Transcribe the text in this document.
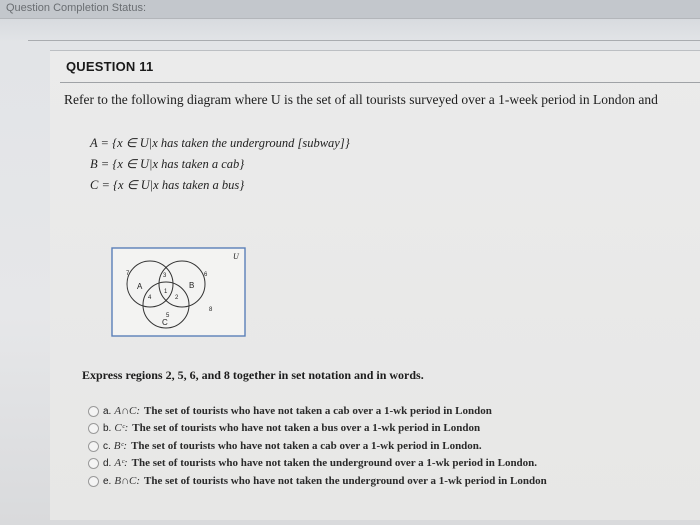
Question Completion Status:
QUESTION 11
Refer to the following diagram where U is the set of all tourists surveyed over a 1-week period in London and
A = {x ∈ U|x has taken the underground [subway]}
B = {x ∈ U|x has taken a cab}
C = {x ∈ U|x has taken a bus}
U
A	B
C
7	3	6
4
1
2
5
8
Express regions 2, 5, 6, and 8 together in set notation and in words.
a. A∩C: The set of tourists who have not taken a cab over a 1-wk period in London
b. Cᶜ: The set of tourists who have not taken a bus over a 1-wk period in London
c. Bᶜ: The set of tourists who have not taken a cab over a 1-wk period in London.
d. Aᶜ: The set of tourists who have not taken the underground over a 1-wk period in London.
e. B∩C: The set of tourists who have not taken the underground over a 1-wk period in London
